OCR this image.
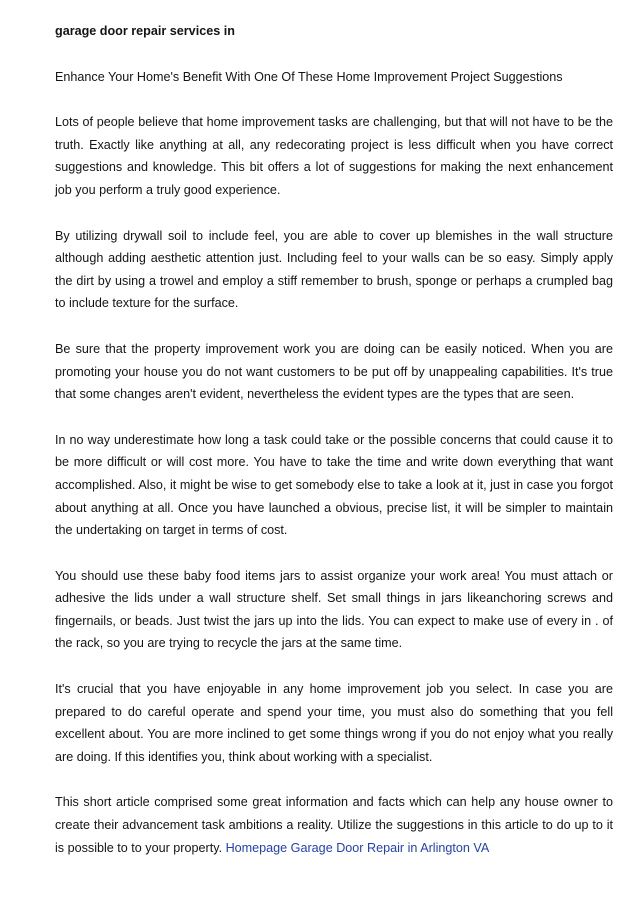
garage door repair services in
Enhance Your Home's Benefit With One Of These Home Improvement Project Suggestions

Lots of people believe that home improvement tasks are challenging, but that will not have to be the truth. Exactly like anything at all, any redecorating project is less difficult when you have correct suggestions and knowledge. This bit offers a lot of suggestions for making the next enhancement job you perform a truly good experience.

By utilizing drywall soil to include feel, you are able to cover up blemishes in the wall structure although adding aesthetic attention just. Including feel to your walls can be so easy. Simply apply the dirt by using a trowel and employ a stiff remember to brush, sponge or perhaps a crumpled bag to include texture for the surface.

Be sure that the property improvement work you are doing can be easily noticed. When you are promoting your house you do not want customers to be put off by unappealing capabilities. It's true that some changes aren't evident, nevertheless the evident types are the types that are seen.

In no way underestimate how long a task could take or the possible concerns that could cause it to be more difficult or will cost more. You have to take the time and write down everything that want accomplished. Also, it might be wise to get somebody else to take a look at it, just in case you forgot about anything at all. Once you have launched a obvious, precise list, it will be simpler to maintain the undertaking on target in terms of cost.

You should use these baby food items jars to assist organize your work area! You must attach or adhesive the lids under a wall structure shelf. Set small things in jars likeanchoring screws and fingernails, or beads. Just twist the jars up into the lids. You can expect to make use of every in . of the rack, so you are trying to recycle the jars at the same time.

It's crucial that you have enjoyable in any home improvement job you select. In case you are prepared to do careful operate and spend your time, you must also do something that you fell excellent about. You are more inclined to get some things wrong if you do not enjoy what you really are doing. If this identifies you, think about working with a specialist.

This short article comprised some great information and facts which can help any house owner to create their advancement task ambitions a reality. Utilize the suggestions in this article to do up to it is possible to to your property. Homepage Garage Door Repair in Arlington VA
